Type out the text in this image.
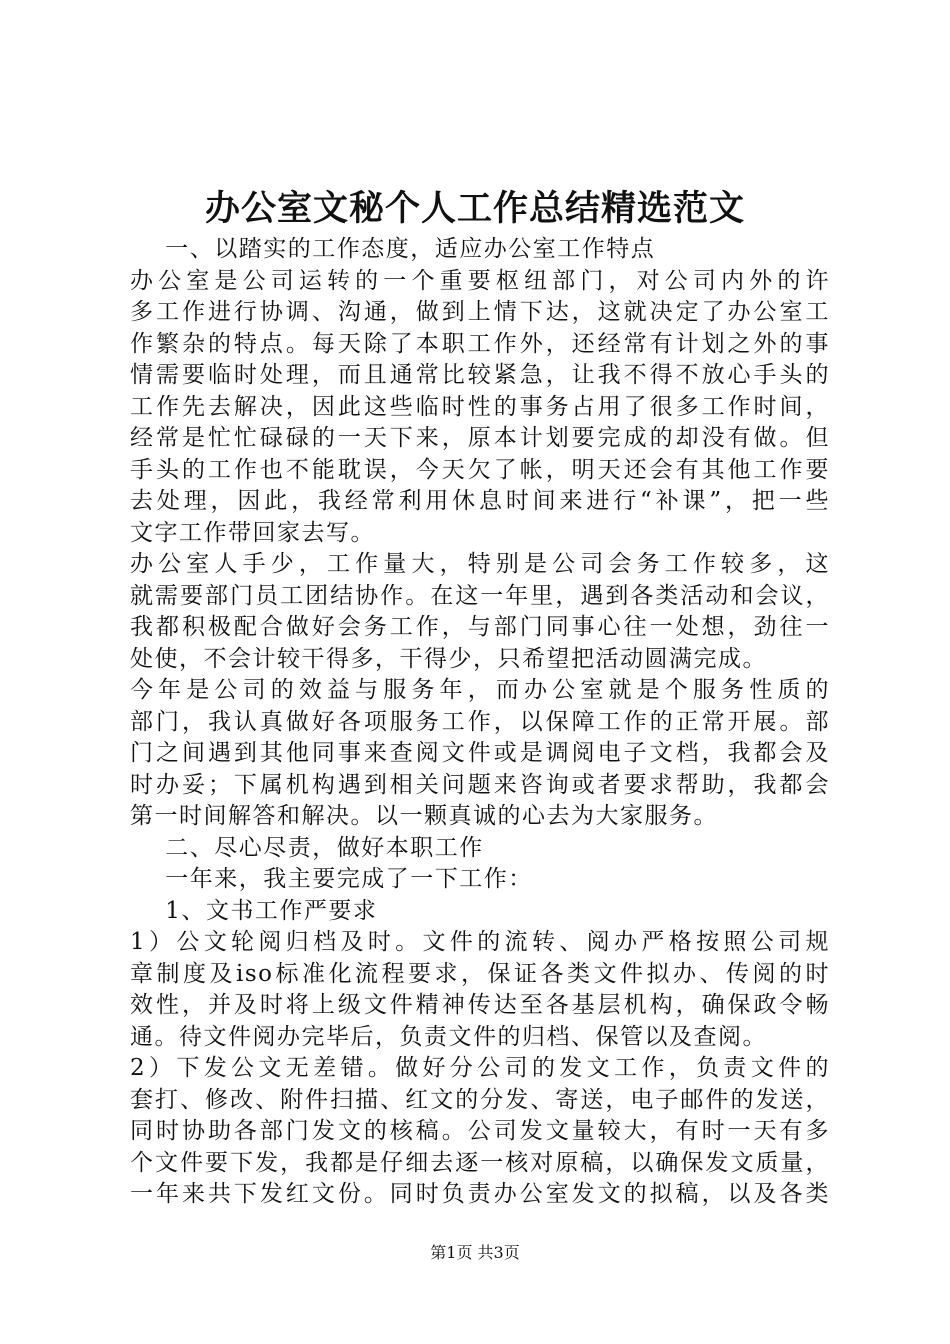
办公室文秘个人工作总结精选范文
一、以踏实的工作态度，适应办公室工作特点
办公室是公司运转的一个重要枢纽部门，对公司内外的许
多工作进行协调、沟通，做到上情下达，这就决定了办公室工
作繁杂的特点。每天除了本职工作外，还经常有计划之外的事
情需要临时处理，而且通常比较紧急，让我不得不放心手头的
工作先去解决，因此这些临时性的事务占用了很多工作时间，
经常是忙忙碌碌的一天下来，原本计划要完成的却没有做。但
手头的工作也不能耽误，今天欠了帐，明天还会有其他工作要
去处理，因此，我经常利用休息时间来进行“补课”，把一些
文字工作带回家去写。
办公室人手少，工作量大，特别是公司会务工作较多，这
就需要部门员工团结协作。在这一年里，遇到各类活动和会议，
我都积极配合做好会务工作，与部门同事心往一处想，劲往一
处使，不会计较干得多，干得少，只希望把活动圆满完成。
今年是公司的效益与服务年，而办公室就是个服务性质的
部门，我认真做好各项服务工作，以保障工作的正常开展。部
门之间遇到其他同事来查阅文件或是调阅电子文档，我都会及
时办妥；下属机构遇到相关问题来咨询或者要求帮助，我都会
第一时间解答和解决。以一颗真诚的心去为大家服务。
二、尽心尽责，做好本职工作
一年来，我主要完成了一下工作：
1、文书工作严要求
1）公文轮阅归档及时。文件的流转、阅办严格按照公司规
章制度及iso标准化流程要求，保证各类文件拟办、传阅的时
效性，并及时将上级文件精神传达至各基层机构，确保政令畅
通。待文件阅办完毕后，负责文件的归档、保管以及查阅。
2）下发公文无差错。做好分公司的发文工作，负责文件的
套打、修改、附件扫描、红文的分发、寄送，电子邮件的发送，
同时协助各部门发文的核稿。公司发文量较大，有时一天有多
个文件要下发，我都是仔细去逐一核对原稿，以确保发文质量，
一年来共下发红文份。同时负责办公室发文的拟稿，以及各类
第1页 共3页
